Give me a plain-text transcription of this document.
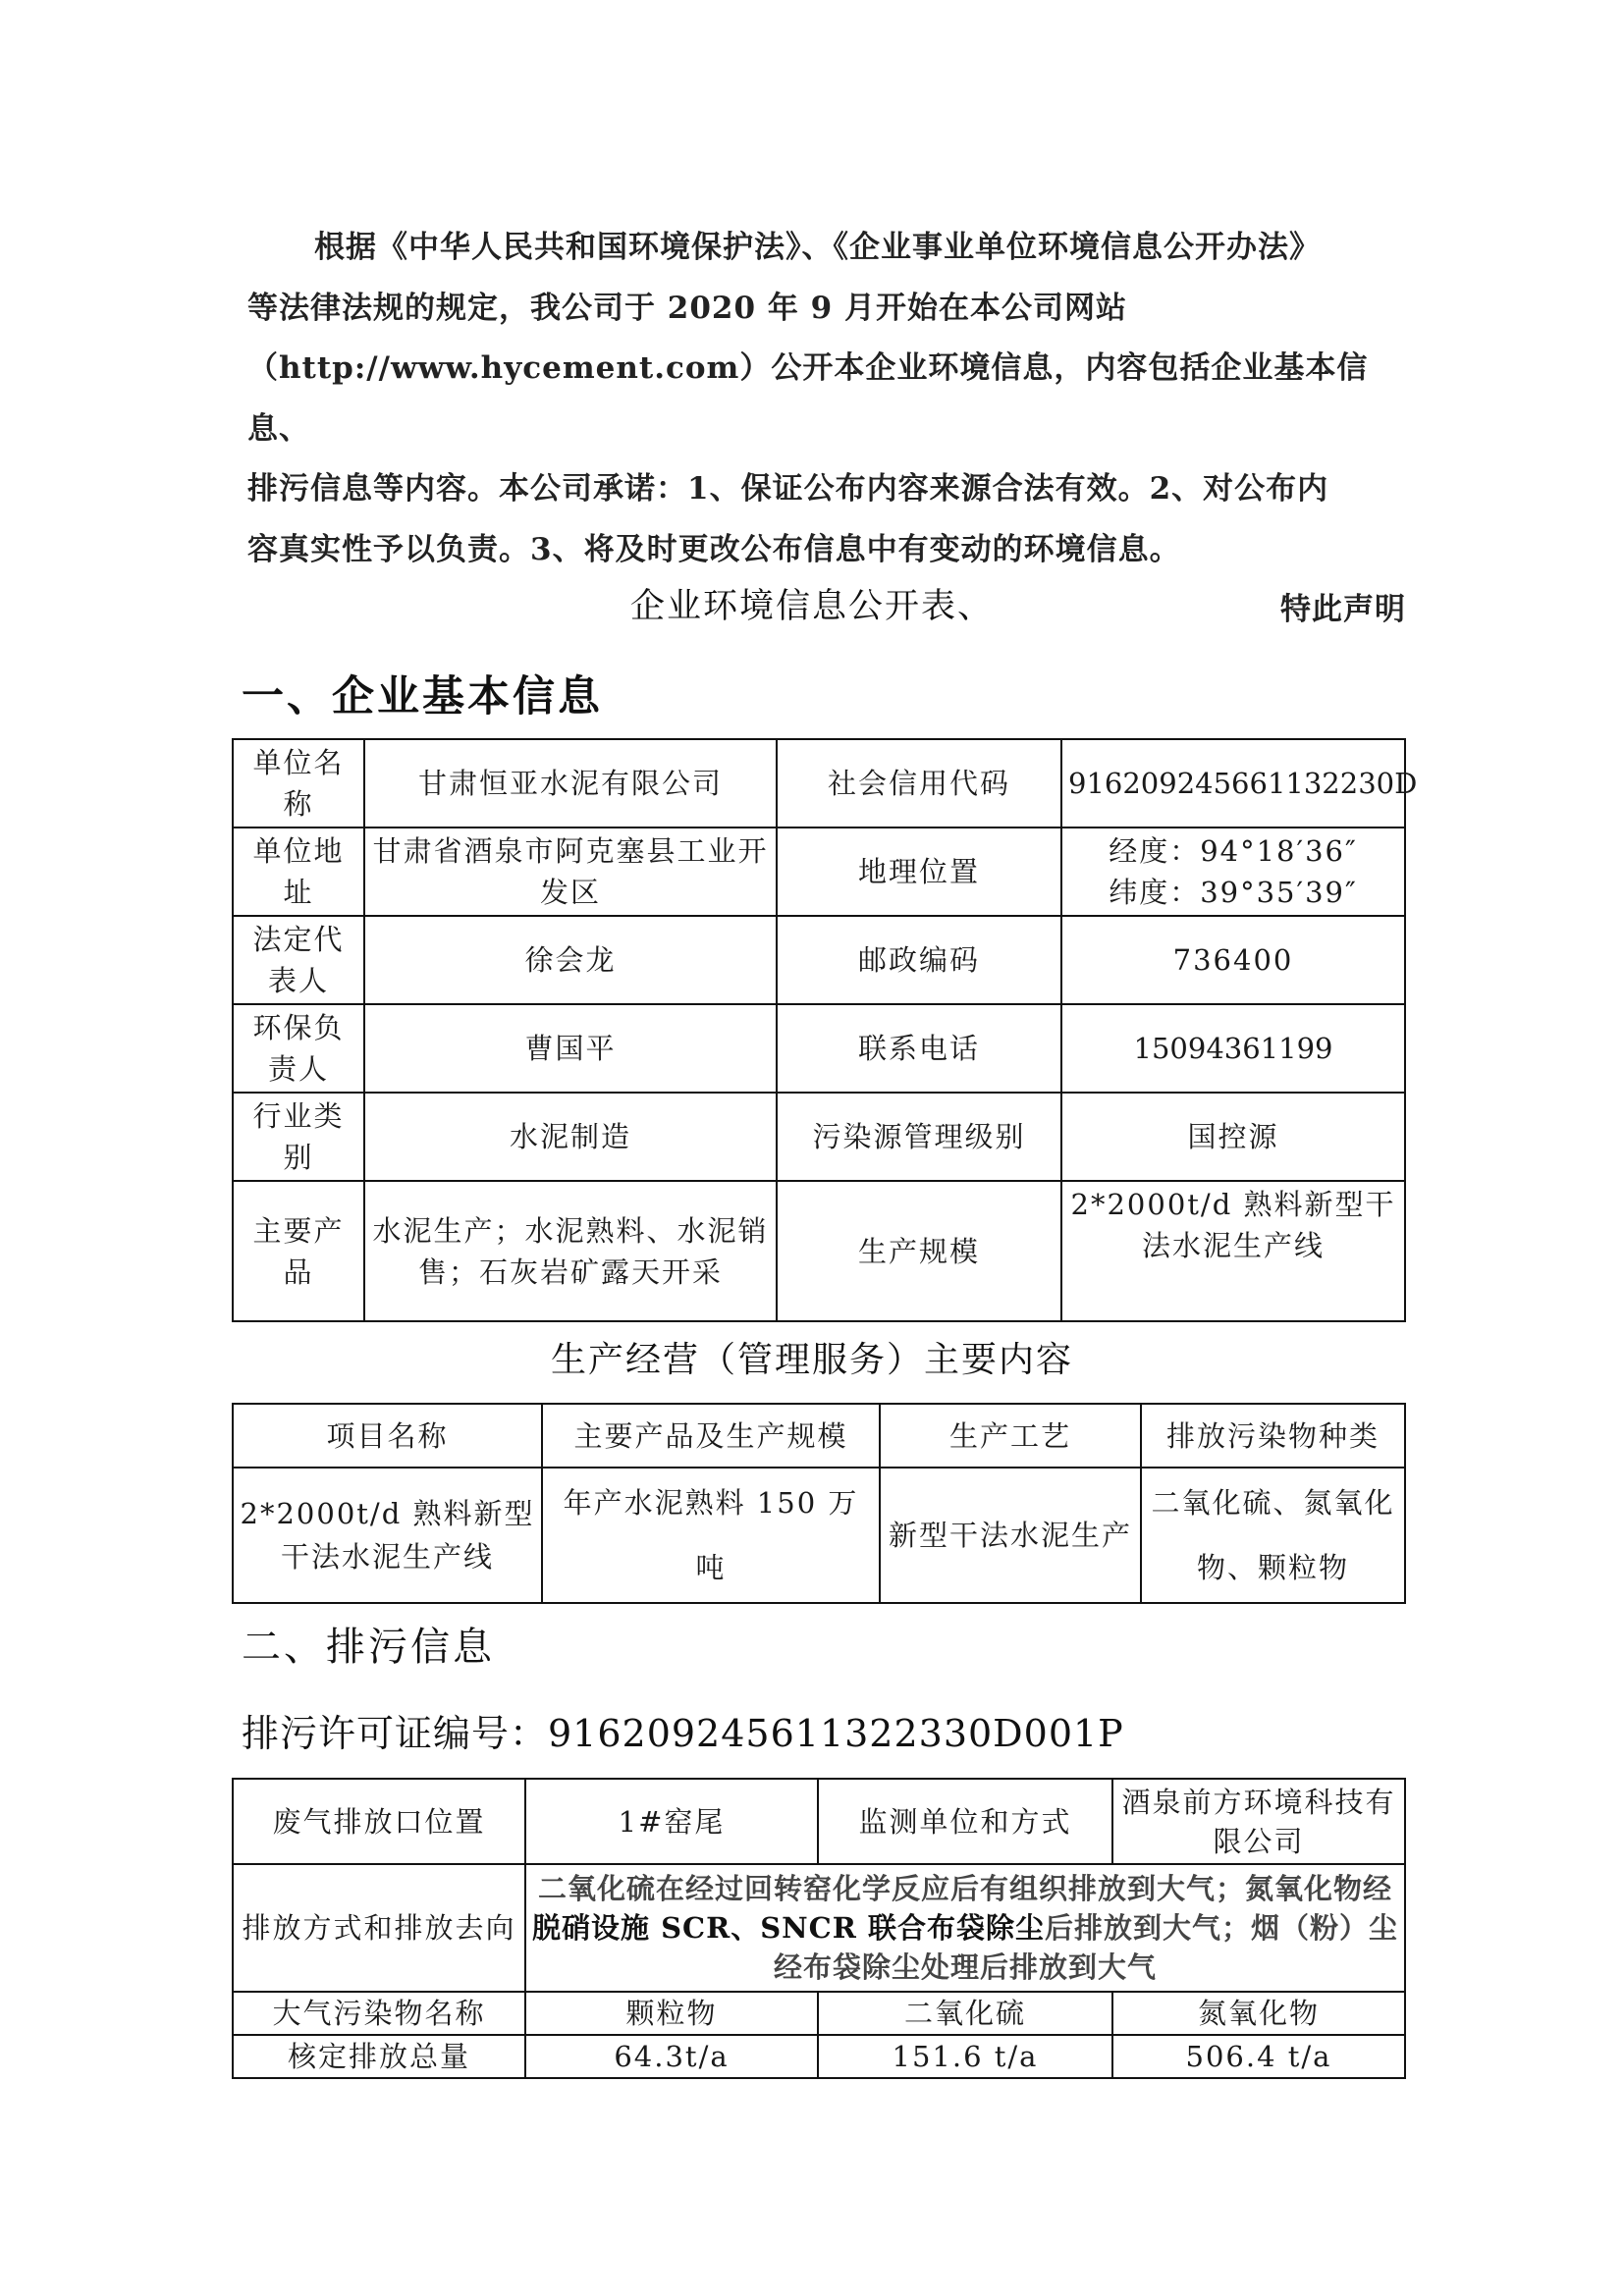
根据《中华人民共和国环境保护法》、《企业事业单位环境信息公开办法》

等法律法规的规定，我公司于 2020 年 9 月开始在本公司网站

（http://www.hycement.com）公开本企业环境信息，内容包括企业基本信息、

排污信息等内容。本公司承诺：1、保证公布内容来源合法有效。2、对公布内

容真实性予以负责。3、将及时更改公布信息中有变动的环境信息。

特此声明

企业环境信息公开表、
一、企业基本信息
单位名称	甘肃恒亚水泥有限公司	社会信用代码	916209245661132230D
单位地址	甘肃省酒泉市阿克塞县工业开发区	地理位置	经度：94°18′36″
纬度：39°35′39″

法定代表人	徐会龙	邮政编码	736400
环保负责人	曹国平	联系电话	15094361199
行业类别	水泥制造	污染源管理级别	国控源
主要产品	水泥生产；水泥熟料、水泥销售；石灰岩矿露天开采	生产规模	2*2000t/d 熟料新型干法水泥生产线
生产经营（管理服务）主要内容
项目名称	主要产品及生产规模	生产工艺	排放污染物种类
2*2000t/d 熟料新型干法水泥生产线	年产水泥熟料 150 万吨	新型干法水泥生产	二氧化硫、氮氧化物、颗粒物
二、排污信息
排污许可证编号：916209245611322330D001P
废气排放口位置	1#窑尾	监测单位和方式	酒泉前方环境科技有限公司
排放方式和排放去向	二氧化硫在经过回转窑化学反应后有组织排放到大气；氮氧化物经脱硝设施 SCR、SNCR 联合布袋除尘后排放到大气；烟（粉）尘经布袋除尘处理后排放到大气		
大气污染物名称	颗粒物	二氧化硫	氮氧化物
核定排放总量	64.3t/a	151.6 t/a	506.4 t/a
